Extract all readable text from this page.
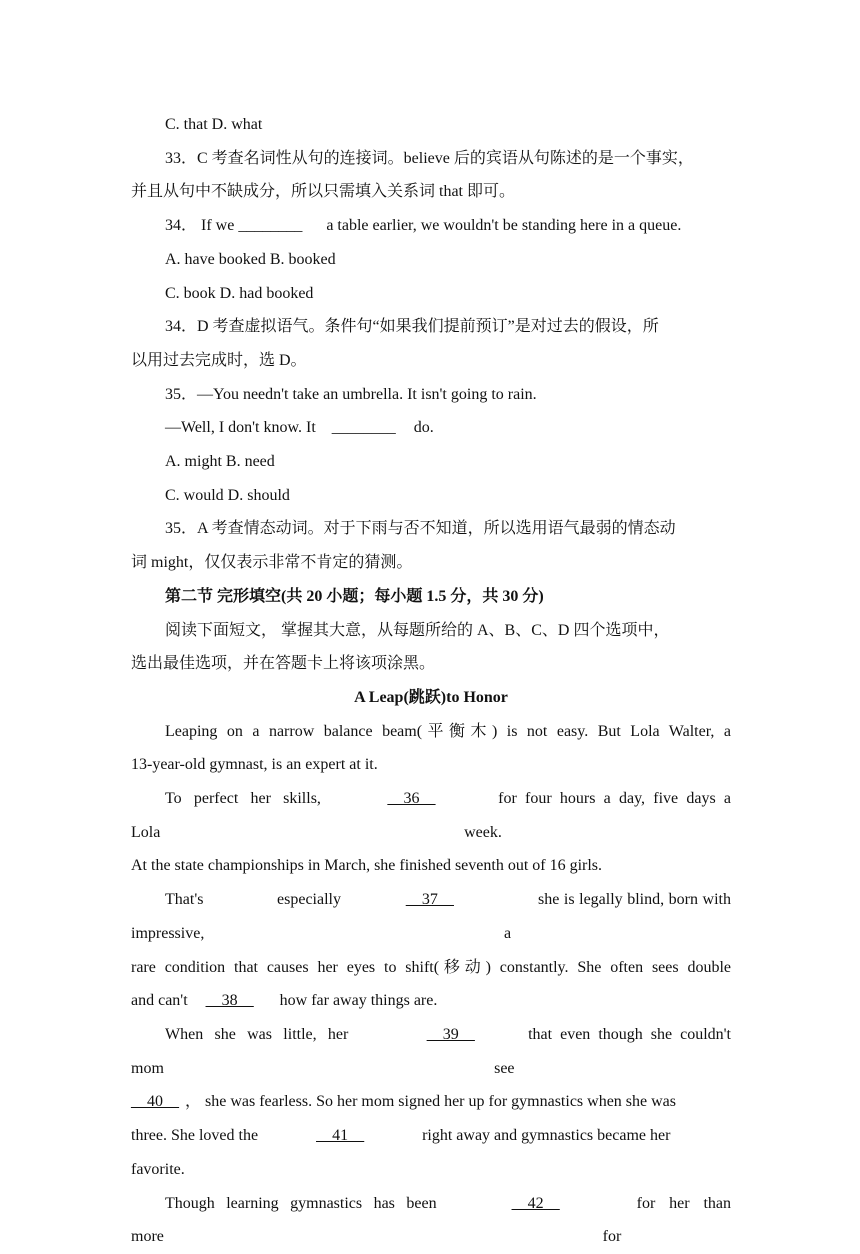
C. that D. what

33．C 考查名词性从句的连接词。believe 后的宾语从句陈述的是一个事实，

并且从句中不缺成分，所以只需填入关系词 that 即可。

34． If we ________ a table earlier, we wouldn't be standing here in a queue.

A. have booked B. booked

C. book D. had booked

34．D 考查虚拟语气。条件句“如果我们提前预订”是对过去的假设，所

以用过去完成时，选 D。

35．—You needn't take an umbrella. It isn't going to rain.

—Well, I don't know. It ________ do.

A. might B. need

C. would D. should

35．A 考查情态动词。对于下雨与否不知道，所以选用语气最弱的情态动

词 might，仅仅表示非常不肯定的猜测。

第二节 完形填空(共 20 小题；每小题 1.5 分，共 30 分)

阅读下面短文， 掌握其大意，从每题所给的 A、B、C、D 四个选项中，

选出最佳选项，并在答题卡上将该项涂黑。

A Leap(跳跃)to Honor

Leaping on a narrow balance beam(平衡木) is not easy. But Lola Walter, a

13-year-old gymnast, is an expert at it.

To perfect her skills, Lola
__36__	for four hours a day, five days a week.

At the state championships in March, she finished seventh out of 16 girls.

That's especially impressive,
__37__	she is legally blind, born with a

rare condition that causes her eyes to shift(移动) constantly. She often sees double

and can't __38__ how far away things are.

When she was little, her mom
__39__	that even though she couldn't see

__40__ ， she was fearless. So her mom signed her up for gymnastics when she was

three. She loved the	__41__	right away and gymnastics became her

favorite.

Though learning gymnastics has been more
__42__	for her than for
